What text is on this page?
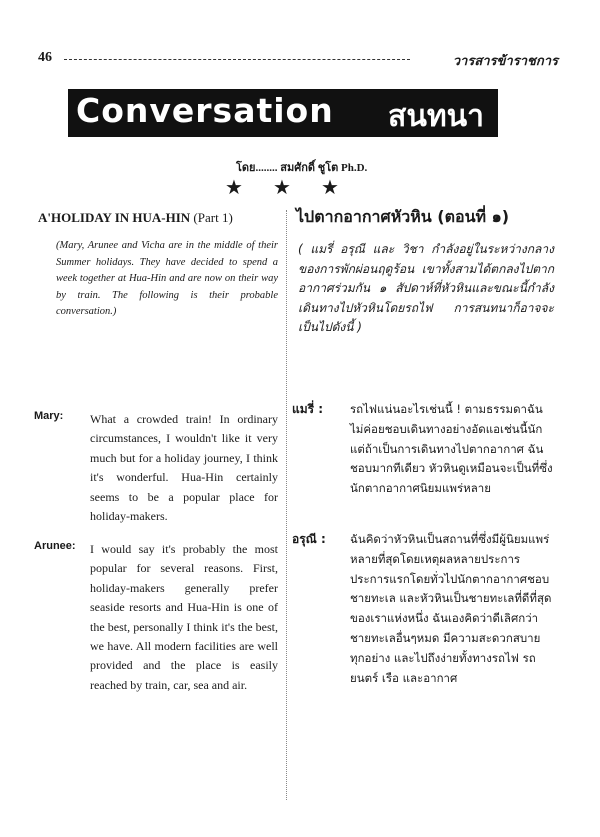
46	วารสารข้าราชการ
Conversation สนทนา
โดย........ สมศักดิ์ ชูโต Ph.D.
★ ★ ★
A'HOLIDAY IN HUA-HIN (Part 1)
(Mary, Arunee and Vicha are in the middle of their Summer holidays. They have decided to spend a week together at Hua-Hin and are now on their way by train. The following is their probable conversation.)
Mary: What a crowded train! In ordinary circumstances, I wouldn't like it very much but for a holiday journey, I think it's wonderful. Hua-Hin certainly seems to be a popular place for holiday-makers.
Arunee: I would say it's probably the most popular for several reasons. First, holiday-makers generally prefer seaside resorts and Hua-Hin is one of the best, personally I think it's the best, we have. All modern facilities are well provided and the place is easily reached by train, car, sea and air.
ไปตากอากาศหัวหิน (ตอนที่ ๑)
( แมรี่ อรุณี และ วิชา กำลังอยู่ในระหว่างกลางของการพักผ่อนฤดูร้อน เขาทั้งสามได้ตกลงไปตากอากาศร่วมกัน ๑ สัปดาห์ที่หัวหินและขณะนี้กำลังเดินทางไปหัวหินโดยรถไฟ การสนทนาก็อาจจะเป็นไปดังนี้ )
แมรี่ : รถไฟแน่นอะไรเช่นนี้ ! ตามธรรมดาฉันไม่ค่อยชอบเดินทางอย่างอัดแอเช่นนี้นัก แต่ถ้าเป็นการเดินทางไปตากอากาศ ฉันชอบมากทีเดียว หัวหินดูเหมือนจะเป็นที่ซึ่งนักตากอากาศนิยมแพร่หลาย
อรุณี : ฉันคิดว่าหัวหินเป็นสถานที่ซึ่งมีผู้นิยมแพร่หลายที่สุดโดยเหตุผลหลายประการ ประการแรกโดยทั่วไปนักตากอากาศชอบชายทะเล และหัวหินเป็นชายทะเลที่ดีที่สุดของเราแห่งหนึ่ง ฉันเองคิดว่าดีเลิศกว่าชายทะเลอื่นๆหมด มีความสะดวกสบายทุกอย่าง และไปถึงง่ายทั้งทางรถไฟ รถยนตร์ เรือ และอากาศ
